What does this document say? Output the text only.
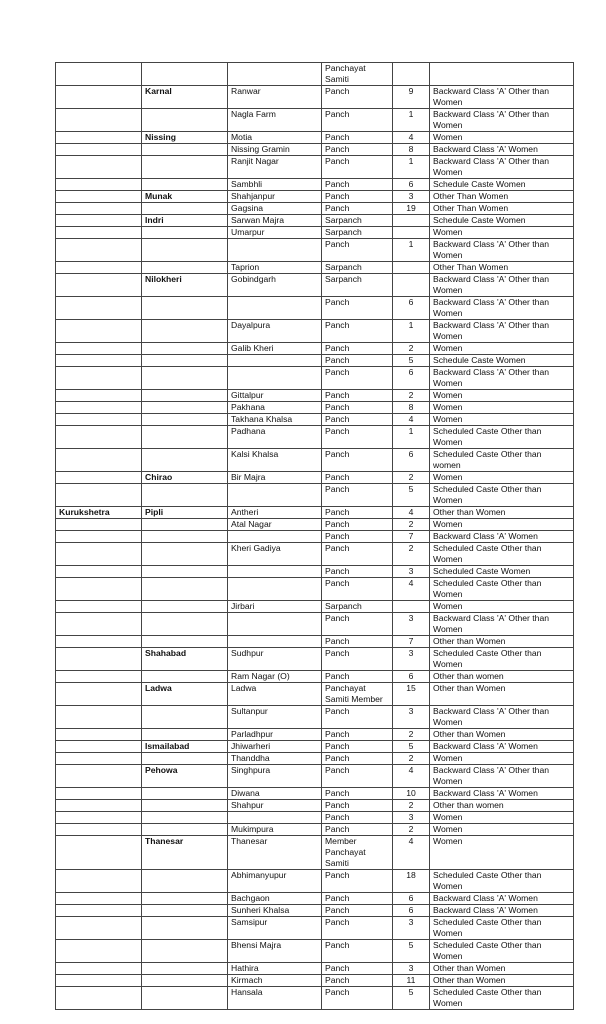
			Panchayat Samiti		
	Karnal	Ranwar	Panch	9	Backward Class 'A' Other than Women
		Nagla Farm	Panch	1	Backward Class 'A' Other than Women
	Nissing	Motia	Panch	4	Women
		Nissing Gramin	Panch	8	Backward Class 'A' Women
		Ranjit Nagar	Panch	1	Backward Class 'A' Other than Women
		Sambhli	Panch	6	Schedule Caste Women
	Munak	Shahjanpur	Panch	3	Other Than Women
		Gagsina	Panch	19	Other Than Women
	Indri	Sarwan Majra	Sarpanch		Schedule Caste Women
		Umarpur	Sarpanch		Women
			Panch	1	Backward Class 'A' Other than Women
		Taprion	Sarpanch		Other Than Women
	Nilokheri	Gobindgarh	Sarpanch		Backward Class 'A' Other than Women
			Panch	6	Backward Class 'A' Other than Women
		Dayalpura	Panch	1	Backward Class 'A' Other than Women
		Galib Kheri	Panch	2	Women
			Panch	5	Schedule Caste Women
			Panch	6	Backward Class 'A' Other than Women
		Gittalpur	Panch	2	Women
		Pakhana	Panch	8	Women
		Takhana Khalsa	Panch	4	Women
		Padhana	Panch	1	Scheduled Caste Other than Women
		Kalsi Khalsa	Panch	6	Scheduled Caste Other than women
	Chirao	Bir Majra	Panch	2	Women
			Panch	5	Scheduled Caste Other than Women
Kurukshetra	Pipli	Antheri	Panch	4	Other than Women
		Atal Nagar	Panch	2	Women
			Panch	7	Backward Class 'A' Women
		Kheri Gadiya	Panch	2	Scheduled Caste Other than Women
			Panch	3	Scheduled Caste Women
			Panch	4	Scheduled Caste Other than Women
		Jirbari	Sarpanch		Women
			Panch	3	Backward Class 'A' Other than Women
			Panch	7	Other than Women
	Shahabad	Sudhpur	Panch	3	Scheduled Caste Other than Women
		Ram Nagar (O)	Panch	6	Other than women
	Ladwa	Ladwa	Panchayat Samiti Member	15	Other than Women
		Sultanpur	Panch	3	Backward Class 'A' Other than Women
		Parladhpur	Panch	2	Other than Women
	Ismailabad	Jhiwarheri	Panch	5	Backward Class 'A' Women
		Thanddha	Panch	2	Women
	Pehowa	Singhpura	Panch	4	Backward Class 'A' Other than Women
		Diwana	Panch	10	Backward Class 'A' Women
		Shahpur	Panch	2	Other than women
			Panch	3	Women
		Mukimpura	Panch	2	Women
	Thanesar	Thanesar	Member Panchayat Samiti	4	Women
		Abhimanyupur	Panch	18	Scheduled Caste Other than Women
		Bachgaon	Panch	6	Backward Class 'A' Women
		Sunheri Khalsa	Panch	6	Backward Class 'A' Women
		Samsipur	Panch	3	Scheduled Caste Other than Women
		Bhensi Majra	Panch	5	Scheduled Caste Other than Women
		Hathira	Panch	3	Other than Women
		Kirmach	Panch	11	Other than Women
		Hansala	Panch	5	Scheduled Caste Other than Women
